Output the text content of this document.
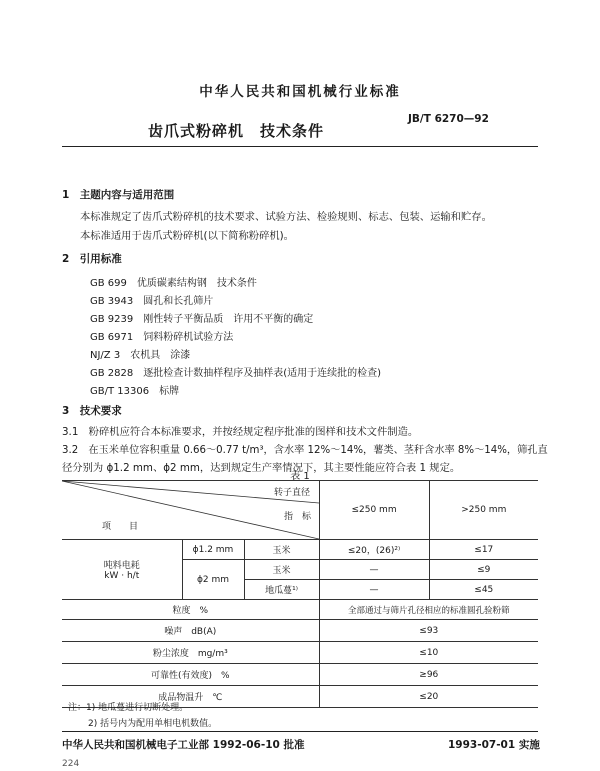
中华人民共和国机械行业标准
JB/T 6270—92
齿爪式粉碎机　技术条件
1　主题内容与适用范围
本标准规定了齿爪式粉碎机的技术要求、试验方法、检验规则、标志、包装、运输和贮存。
本标准适用于齿爪式粉碎机(以下简称粉碎机)。
2　引用标准
GB 699　优质碳素结构钢　技术条件
GB 3943　圆孔和长孔筛片
GB 9239　刚性转子平衡品质　许用不平衡的确定
GB 6971　饲料粉碎机试验方法
NJ/Z 3　农机具　涂漆
GB 2828　逐批检查计数抽样程序及抽样表(适用于连续批的检查)
GB/T 13306　标牌
3　技术要求
3.1　粉碎机应符合本标准要求，并按经规定程序批准的图样和技术文件制造。
3.2　在玉米单位容积重量 0.66～0.77 t/m³，含水率 12%～14%，薯类、茎秆含水率 8%～14%，筛孔直
径分别为 ϕ1.2 mm、ϕ2 mm，达到规定生产率情况下，其主要性能应符合表 1 规定。
表 1
转子直径
指　标
项　　目			≤250 mm	>250 mm

吨料电耗
kW · h/t	ϕ1.2 mm	玉米	≤20，(26)²⁾	≤17
	ϕ2 mm	玉米	—	≤9
		地瓜蔓¹⁾	—	≤45
粒度　%			全部通过与筛片孔径相应的标准圆孔验粉筛	
噪声　dB(A)			≤93	
粉尘浓度　mg/m³			≤10	
可靠性(有效度)　%			≥96	
成品物温升　℃			≤20	
注：1) 地瓜蔓进行切断处理。
2) 括号内为配用单相电机数值。
中华人民共和国机械电子工业部 1992-06-10 批准	1993-07-01 实施
224
